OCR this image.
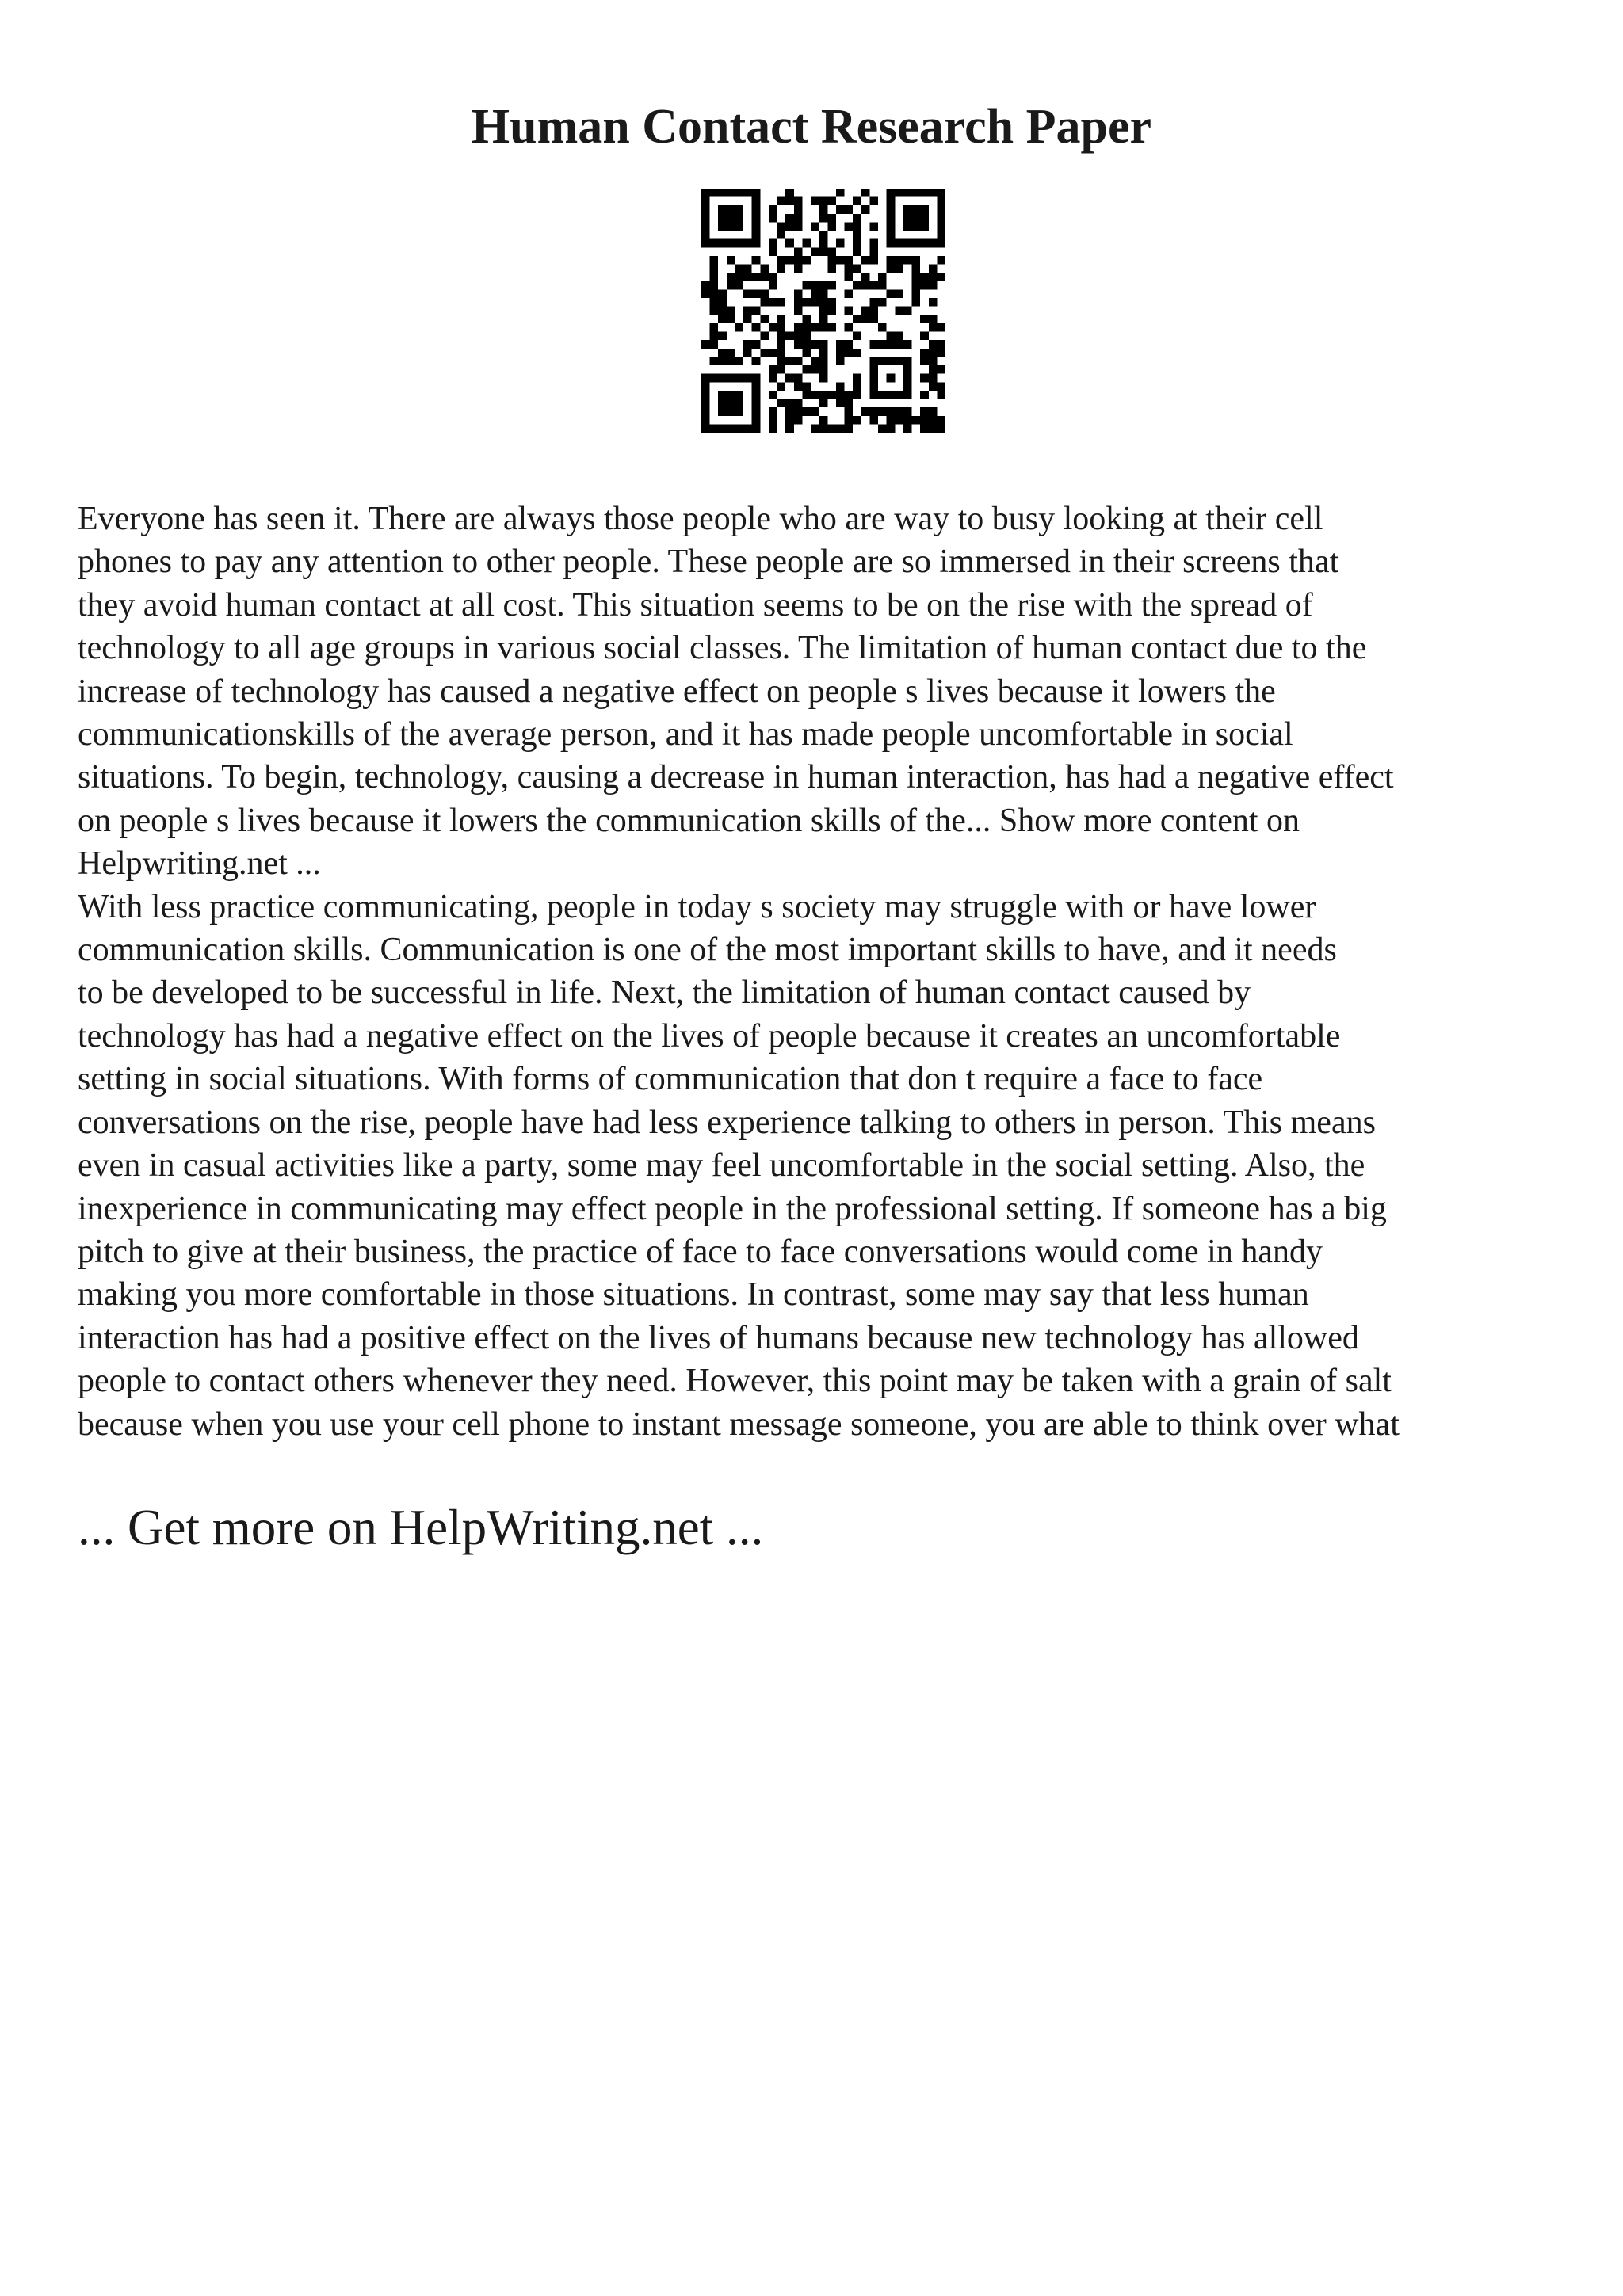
Human Contact Research Paper

Everyone has seen it. There are always those people who are way to busy looking at their cell
phones to pay any attention to other people. These people are so immersed in their screens that
they avoid human contact at all cost. This situation seems to be on the rise with the spread of
technology to all age groups in various social classes. The limitation of human contact due to the
increase of technology has caused a negative effect on people s lives because it lowers the
communicationskills of the average person, and it has made people uncomfortable in social
situations. To begin, technology, causing a decrease in human interaction, has had a negative effect
on people s lives because it lowers the communication skills of the... Show more content on
Helpwriting.net ...

With less practice communicating, people in today s society may struggle with or have lower
communication skills. Communication is one of the most important skills to have, and it needs
to be developed to be successful in life. Next, the limitation of human contact caused by
technology has had a negative effect on the lives of people because it creates an uncomfortable
setting in social situations. With forms of communication that don t require a face to face
conversations on the rise, people have had less experience talking to others in person. This means
even in casual activities like a party, some may feel uncomfortable in the social setting. Also, the
inexperience in communicating may effect people in the professional setting. If someone has a big
pitch to give at their business, the practice of face to face conversations would come in handy
making you more comfortable in those situations. In contrast, some may say that less human
interaction has had a positive effect on the lives of humans because new technology has allowed
people to contact others whenever they need. However, this point may be taken with a grain of salt
because when you use your cell phone to instant message someone, you are able to think over what

... Get more on HelpWriting.net ...
